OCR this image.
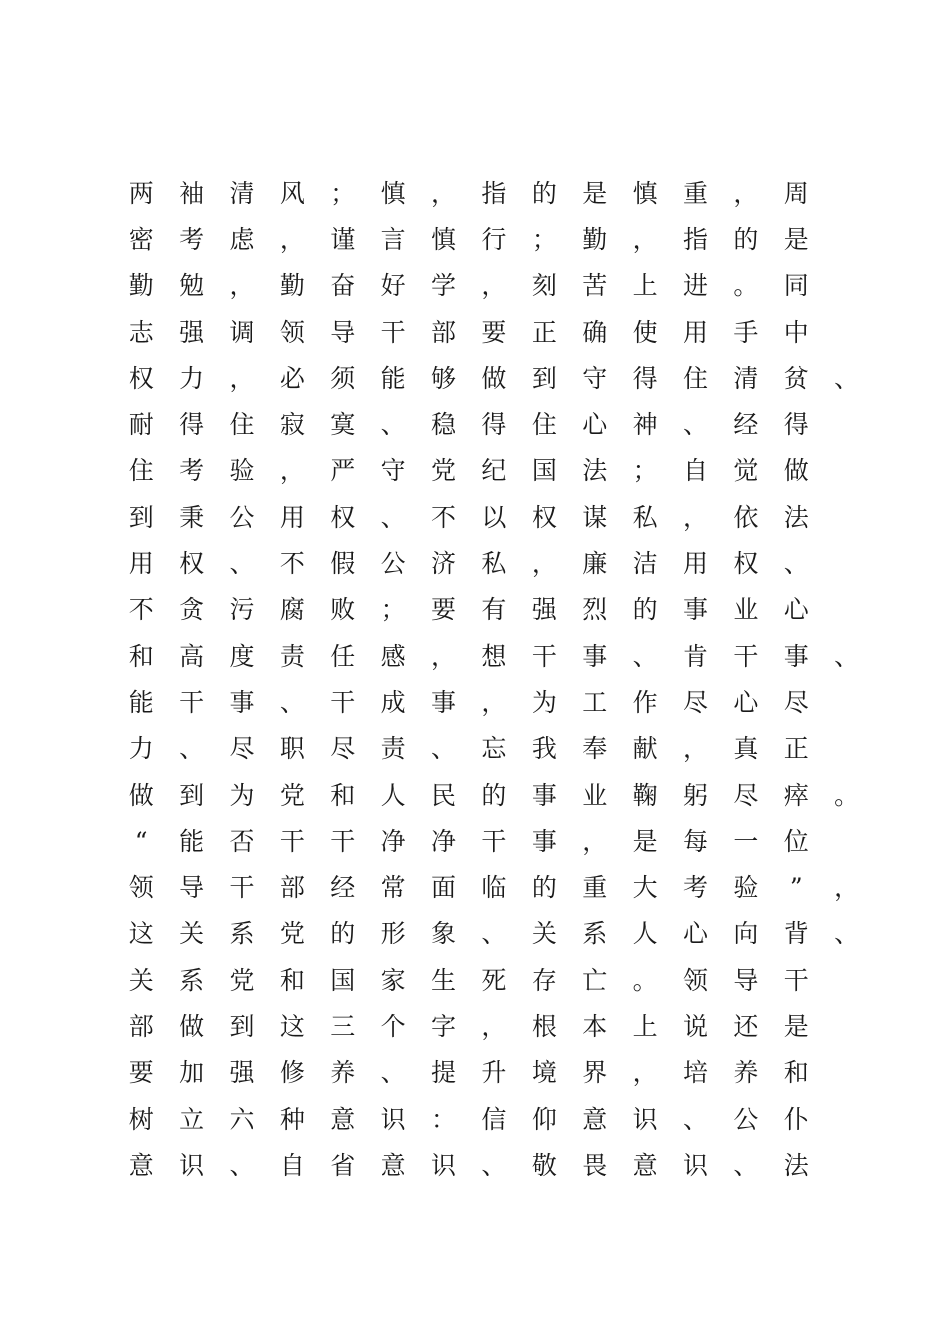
两	袖	清	风	；	慎	，	指	的	是	慎	重	，	周
密	考	虑	，	谨	言	慎	行	；	勤	，	指	的	是
勤	勉	，	勤	奋	好	学	，	刻	苦	上	进	。	同
志	强	调	领	导	干	部	要	正	确	使	用	手	中
权	力	，	必	须	能	够	做	到	守	得	住	清	贫	、
耐	得	住	寂	寞	、	稳	得	住	心	神	、	经	得
住	考	验	，	严	守	党	纪	国	法	；	自	觉	做
到	秉	公	用	权	、	不	以	权	谋	私	，	依	法
用	权	、	不	假	公	济	私	，	廉	洁	用	权	、
不	贪	污	腐	败	；	要	有	强	烈	的	事	业	心
和	高	度	责	任	感	，	想	干	事	、	肯	干	事	、
能	干	事	、	干	成	事	，	为	工	作	尽	心	尽
力	、	尽	职	尽	责	、	忘	我	奉	献	，	真	正
做	到	为	党	和	人	民	的	事	业	鞠	躬	尽	瘁	。
“	能	否	干	干	净	净	干	事	，	是	每	一	位
领	导	干	部	经	常	面	临	的	重	大	考	验	”	，
这	关	系	党	的	形	象	、	关	系	人	心	向	背	、
关	系	党	和	国	家	生	死	存	亡	。	领	导	干
部	做	到	这	三	个	字	，	根	本	上	说	还	是
要	加	强	修	养	、	提	升	境	界	，	培	养	和
树	立	六	种	意	识	：	信	仰	意	识	、	公	仆
意	识	、	自	省	意	识	、	敬	畏	意	识	、	法
